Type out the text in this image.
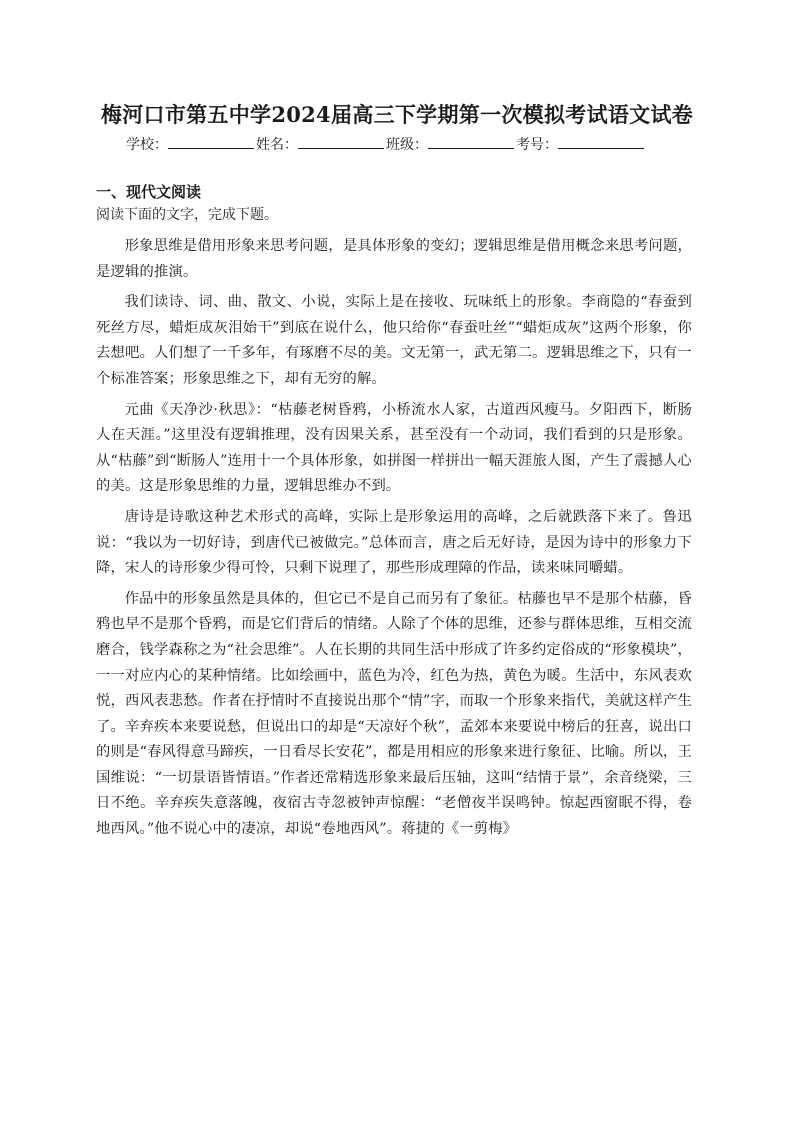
梅河口市第五中学2024届高三下学期第一次模拟考试语文试卷
学校：	姓名：	班级：	考号：
一、现代文阅读
阅读下面的文字，完成下题。

形象思维是借用形象来思考问题，是具体形象的变幻；逻辑思维是借用概念来思考问题，是逻辑的推演。

我们读诗、词、曲、散文、小说，实际上是在接收、玩味纸上的形象。李商隐的“春蚕到死丝方尽，蜡炬成灰泪始干”到底在说什么，他只给你“春蚕吐丝”“蜡炬成灰”这两个形象，你去想吧。人们想了一千多年，有琢磨不尽的美。文无第一，武无第二。逻辑思维之下，只有一个标准答案；形象思维之下，却有无穷的解。

元曲《天净沙·秋思》：“枯藤老树昏鸦，小桥流水人家，古道西风瘦马。夕阳西下，断肠人在天涯。”这里没有逻辑推理，没有因果关系，甚至没有一个动词，我们看到的只是形象。从“枯藤”到“断肠人”连用十一个具体形象，如拼图一样拼出一幅天涯旅人图，产生了震撼人心的美。这是形象思维的力量，逻辑思维办不到。

唐诗是诗歌这种艺术形式的高峰，实际上是形象运用的高峰，之后就跌落下来了。鲁迅说：“我以为一切好诗，到唐代已被做完。”总体而言，唐之后无好诗，是因为诗中的形象力下降，宋人的诗形象少得可怜，只剩下说理了，那些形成理障的作品，读来味同嚼蜡。

作品中的形象虽然是具体的，但它已不是自己而另有了象征。枯藤也早不是那个枯藤，昏鸦也早不是那个昏鸦，而是它们背后的情绪。人除了个体的思维，还参与群体思维，互相交流磨合，钱学森称之为“社会思维”。人在长期的共同生活中形成了许多约定俗成的“形象模块”，一一对应内心的某种情绪。比如绘画中，蓝色为冷，红色为热，黄色为暖。生活中，东风表欢悦，西风表悲愁。作者在抒情时不直接说出那个“情”字，而取一个形象来指代，美就这样产生了。辛弃疾本来要说愁，但说出口的却是“天凉好个秋”，孟郊本来要说中榜后的狂喜，说出口的则是“春风得意马蹄疾，一日看尽长安花”，都是用相应的形象来进行象征、比喻。所以，王国维说：“一切景语皆情语。”作者还常精选形象来最后压轴，这叫“结情于景”，余音绕梁，三日不绝。辛弃疾失意落魄，夜宿古寺忽被钟声惊醒：“老僧夜半误鸣钟。惊起西窗眠不得，卷地西风。”他不说心中的凄凉，却说“卷地西风”。蒋捷的《一剪梅》
